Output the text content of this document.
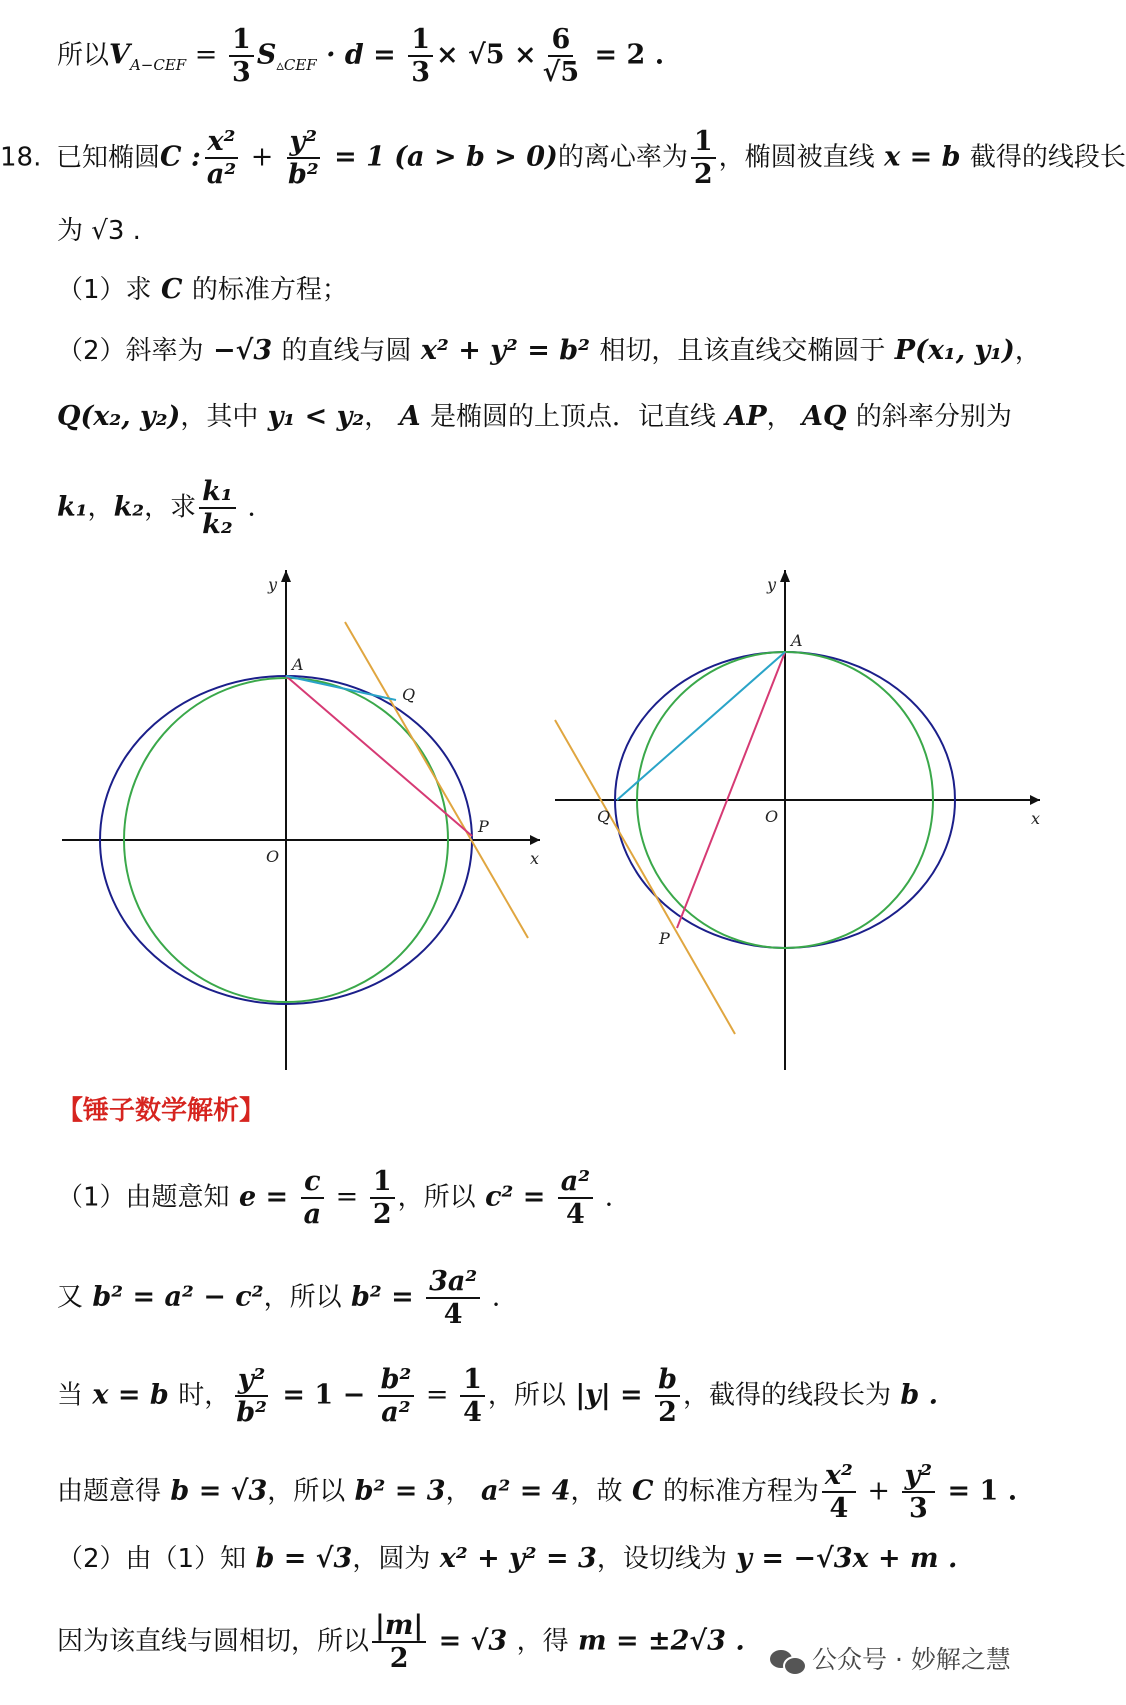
所以$V_{A-CEF} = \frac{1}{3} S_{▵CEF} \cdot d = \frac{1}{3} \times √5 \times \frac{6}{√5} = 2$ .
18. 已知椭圆C : $\frac{\text{x²}}{\text{a²}} + \frac{\text{y²}}{\text{b²}} = 1$ (a > b > 0)的离心率为 $\frac{1}{2}$ ，椭圆被直线 x = b 截得的线段长
为 √3 .
（1）求 C 的标准方程；
（2）斜率为 −√3 的直线与圆 x² + y² = b² 相切，且该直线交椭圆于 P(x₁, y₁)，
Q(x₂, y₂)，其中 y₁ < y₂， A 是椭圆的上顶点．记直线 AP， AQ 的斜率分别为
k₁，k₂，求 $\frac{\text{k₁}}{\text{k₂}}$ .
y
x
A
Q
P
O
y
x
A
Q
P
O
【锤子数学解析】
（1）由题意知 $e = \frac{c}{a} = \frac{1}{2}$ ，所以 $c^2 = \frac{\text{a²}}{4}$ .
又 b² = a² − c²，所以 $b^2 = \frac{\text{3a²}}{4}$ .
当 x = b 时， $\frac{\text{y²}}{\text{b²}} = 1 - \frac{\text{b²}}{\text{a²}} = \frac{1}{4}$ ，所以 $|y| = \frac{b}{2}$ ，截得的线段长为 b .
由题意得 b = √3，所以 b² = 3， a² = 4，故 C 的标准方程为 $\frac{\text{x²}}{4} + \frac{\text{y²}}{3} = 1$ .
（2）由（1）知 b = √3，圆为 x² + y² = 3，设切线为 y = −√3x + m .
因为该直线与圆相切，所以 $\frac{|m|}{2} = √3$ ，得 m = ±2√3 .
公众号 · 妙解之慧
